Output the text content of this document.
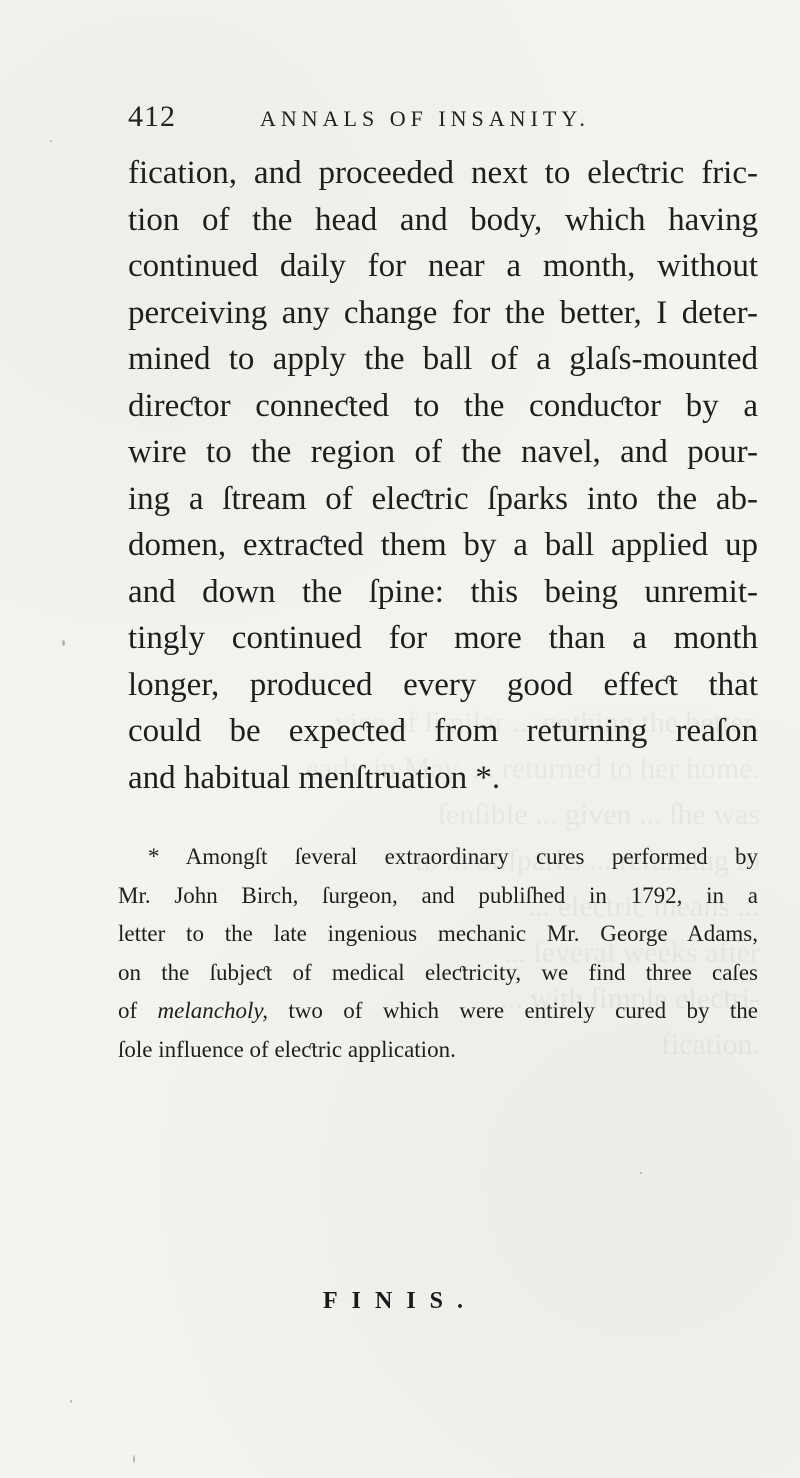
412	ANNALS OF INSANITY.
fication, and proceeded next to eleƈtric fric-
tion of the head and body, which having
continued daily for near a month, without
perceiving any change for the better, I deter-
mined to apply the ball of a glaſs-mounted
direƈtor conneƈted to the conduƈtor by a
wire to the region of the navel, and pour-
ing a ſtream of eleƈtric ſparks into the ab-
domen, extraƈted them by a ball applied up
and down the ſpine: this being unremit-
tingly continued for more than a month
longer, produced every good effeƈt that
could be expeƈted from returning reaſon
and habitual menſtruation *.
* Amongſt ſeveral extraordinary cures performed by
Mr. John Birch, ſurgeon, and publiſhed in 1792, in a
letter to the late ingenious mechanic Mr. George Adams,
on the ſubjeƈt of medical eleƈtricity, we find three caſes
of melancholy, two of which were entirely cured by the
ſole influence of eleƈtric application.
FINIS.
